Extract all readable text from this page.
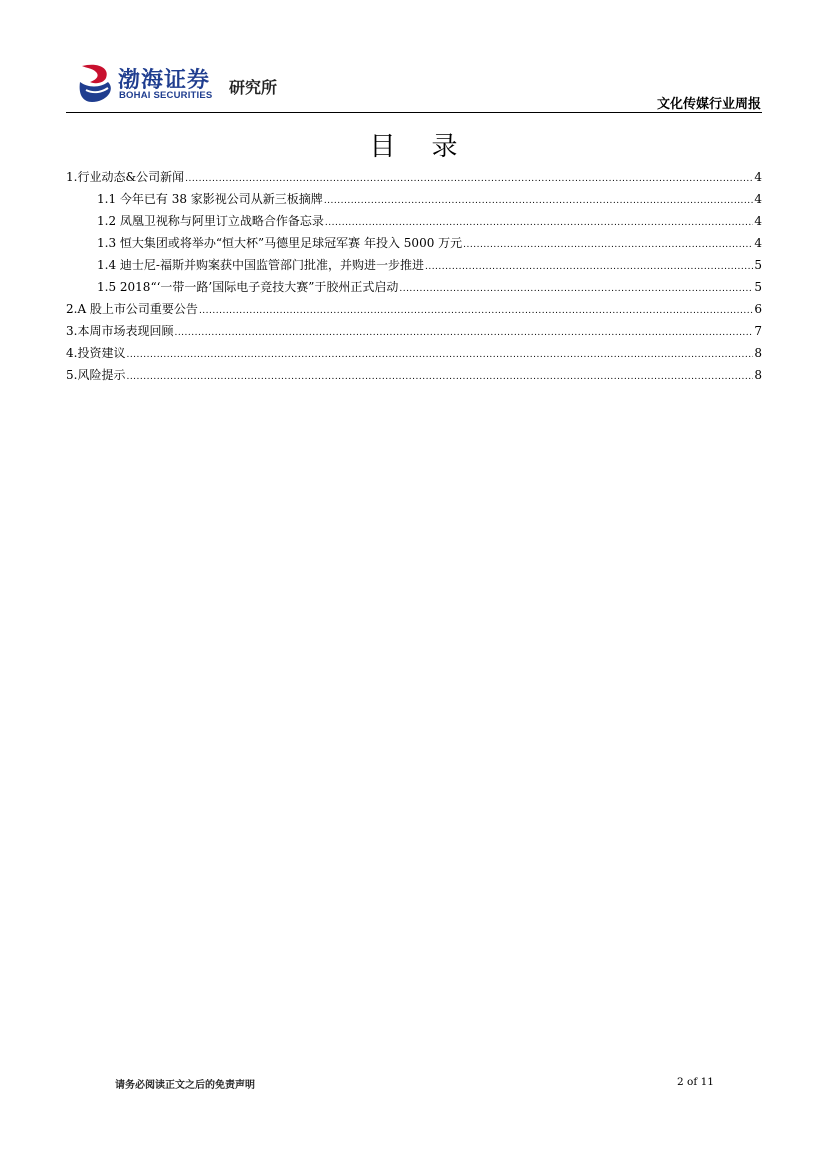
渤海证券
BOHAI SECURITIES 研究所
文化传媒行业周报
目录
1.行业动态&公司新闻 .....	4
1.1 今年已有 38 家影视公司从新三板摘牌 .....	4
1.2 凤凰卫视称与阿里订立战略合作备忘录 .....	4
1.3 恒大集团或将举办“恒大杯”马德里足球冠军赛 年投入 5000 万元 .....	4
1.4 迪士尼-福斯并购案获中国监管部门批准，并购进一步推进 .....	5
1.5 2018“‘一带一路’国际电子竞技大赛”于胶州正式启动 .....	5
2.A 股上市公司重要公告 .....	6
3.本周市场表现回顾 .....	7
4.投资建议 .....	8
5.风险提示 .....	8
请务必阅读正文之后的免责声明	2 of 11
